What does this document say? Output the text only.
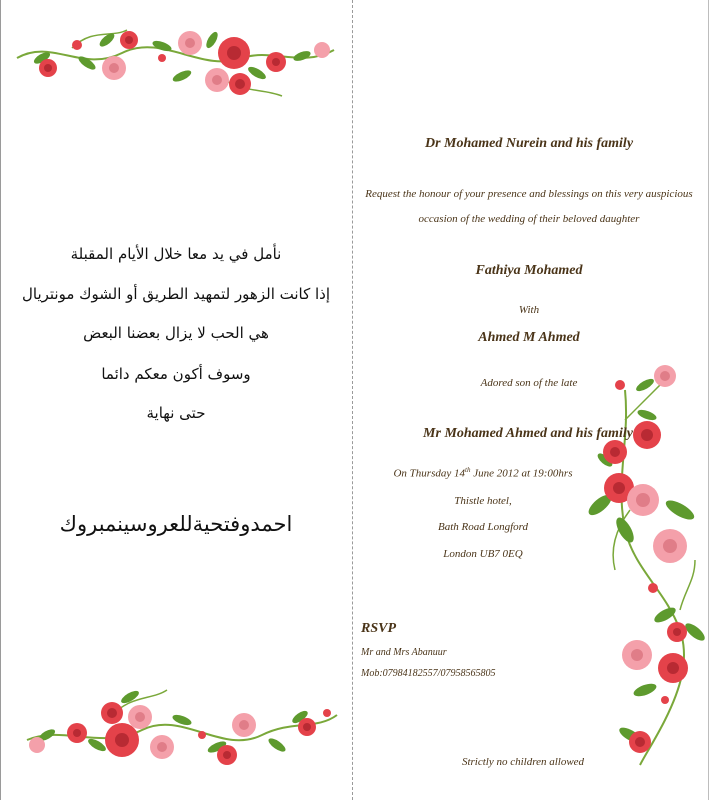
نأمل في يد معا خلال الأيام المقبلة
إذا كانت الزهور لتمهيد الطريق أو الشوك مونتريال
هي الحب لا يزال بعضنا البعض
وسوف أكون معكم دائما
حتى نهاية
احمدوفتحيةللعروسينمبروك
Dr Mohamed Nurein and his family
Request the honour of your presence and blessings on this very auspicious
occasion of the wedding of their beloved daughter
Fathiya Mohamed
With
Ahmed M Ahmed
Adored son of the late
Mr Mohamed Ahmed and his family
On Thursday 14th June 2012 at 19:00hrs
Thistle hotel,
Bath Road Longford
London UB7 0EQ
RSVP
Mr and Mrs Abanuur
Mob:07984182557/07958565805
Strictly no children allowed
